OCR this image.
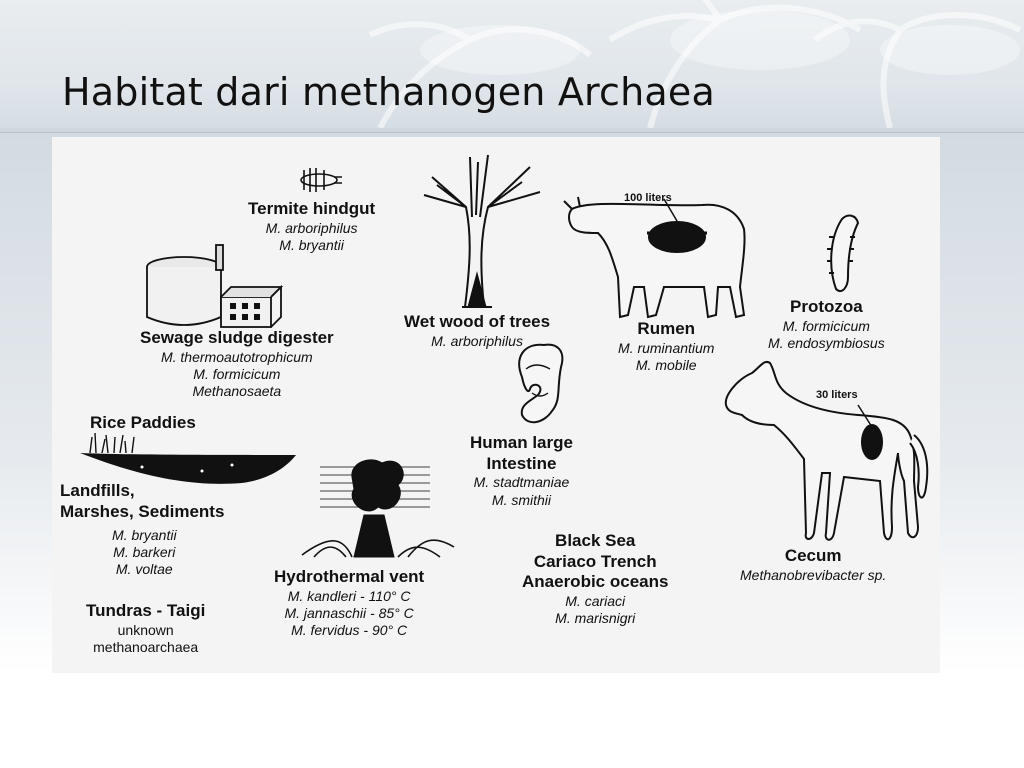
Habitat dari methanogen Archaea
100 liters
30 liters
Termite hindgut
M. arboriphilus
M. bryantii
Sewage sludge digester
M. thermoautotrophicum
M. formicicum
Methanosaeta
Wet wood of trees
M. arboriphilus
Rumen
M. ruminantium
M. mobile
Protozoa
M. formicicum
M. endosymbiosus
Rice Paddies
Landfills,
Marshes, Sediments
M. bryantii
M. barkeri
M. voltae
Human large
Intestine
M. stadtmaniae
M. smithii
Hydrothermal vent
M. kandleri - 110° C
M. jannaschii - 85° C
M. fervidus - 90° C
Black Sea
Cariaco Trench
Anaerobic oceans
M. cariaci
M. marisnigri
Cecum
Methanobrevibacter sp.
Tundras - Taigi
unknown
methanoarchaea
